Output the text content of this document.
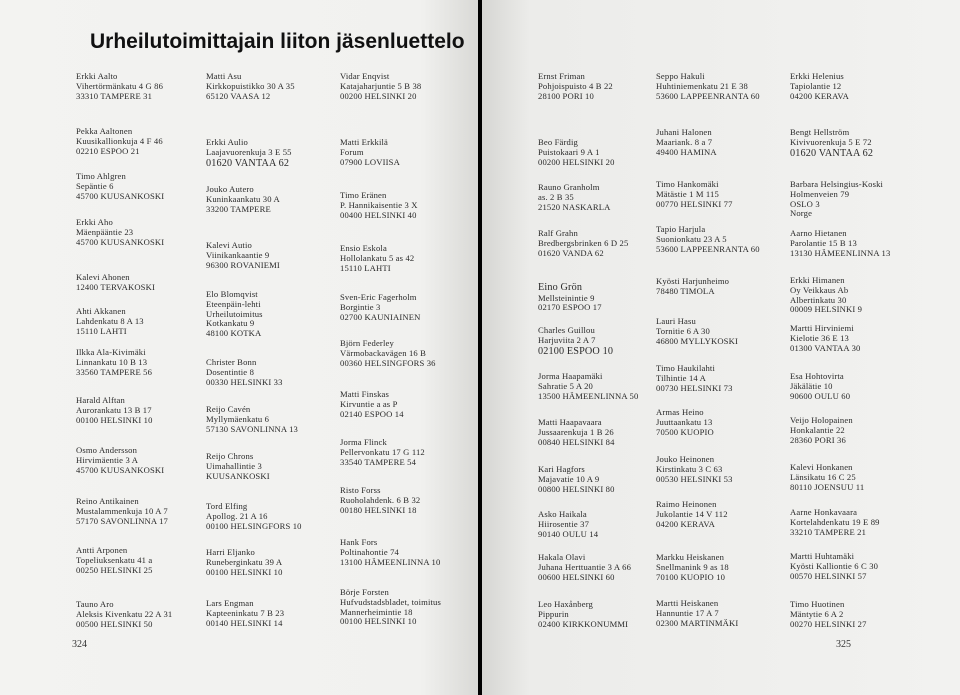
Urheilutoimittajain liiton jäsenluettelo
Erkki Aalto
Vihertörmänkatu 4 G 86
33310 TAMPERE 31
Pekka Aaltonen
Kuusikallionkuja 4 F 46
02210 ESPOO 21
Timo Ahlgren
Sepäntie 6
45700 KUUSANKOSKI
Erkki Aho
Mäenpääntie 23
45700 KUUSANKOSKI
Kalevi Ahonen
12400 TERVAKOSKI
Ahti Akkanen
Lahdenkatu 8 A 13
15110 LAHTI
Ilkka Ala-Kivimäki
Linnankatu 10 B 13
33560 TAMPERE 56
Harald Alftan
Aurorankatu 13 B 17
00100 HELSINKI 10
Osmo Andersson
Hirvimäentie 3 A
45700 KUUSANKOSKI
Reino Antikainen
Mustalammenkuja 10 A 7
57170 SAVONLINNA 17
Antti Arponen
Topeliuksenkatu 41 a
00250 HELSINKI 25
Tauno Aro
Aleksis Kivenkatu 22 A 31
00500 HELSINKI 50
Matti Asu
Kirkkopuistikko 30 A 35
65120 VAASA 12
Erkki Aulio
Laajavuorenkuja 3 E 55
01620 VANTAA 62
Jouko Autero
Kuninkaankatu 30 A
33200 TAMPERE
Kalevi Autio
Viinikankaantie 9
96300 ROVANIEMI
Elo Blomqvist
Eteenpäin-lehti
Urheilutoimitus
Kotkankatu 9
48100 KOTKA
Christer Bonn
Dosentintie 8
00330 HELSINKI 33
Reijo Cavén
Myllymäenkatu 6
57130 SAVONLINNA 13
Reijo Chrons
Uimahallintie 3
KUUSANKOSKI
Tord Elfing
Apollog. 21 A 16
00100 HELSINGFORS 10
Harri Eljanko
Runeberginkatu 39 A
00100 HELSINKI 10
Lars Engman
Kapteeninkatu 7 B 23
00140 HELSINKI 14
Vidar Enqvist
Katajaharjuntie 5 B 38
00200 HELSINKI 20
Matti Erkkilä
Forum
07900 LOVIISA
Timo Eränen
P. Hannikaisentie 3 X
00400 HELSINKI 40
Ensio Eskola
Hollolankatu 5 as 42
15110 LAHTI
Sven-Eric Fagerholm
Borgintie 3
02700 KAUNIAINEN
Björn Federley
Värmobackavägen 16 B
00360 HELSINGFORS 36
Matti Finskas
Kirvuntie a as P
02140 ESPOO 14
Jorma Flinck
Pellervonkatu 17 G 112
33540 TAMPERE 54
Risto Forss
Ruoholahdenk. 6 B 32
00180 HELSINKI 18
Hank Fors
Poltinahontie 74
13100 HÄMEENLINNA 10
Börje Forsten
Hufvudstadsbladet, toimitus
Mannerheimintie 18
00100 HELSINKI 10
324
Ernst Friman
Pohjoispuisto 4 B 22
28100 PORI 10
Beo Färdig
Puistokaari 9 A 1
00200 HELSINKI 20
Rauno Granholm
as. 2 B 35
21520 NASKARLA
Ralf Grahn
Bredbergsbrinken 6 D 25
01620 VANDA 62
Eino Grön
Mellsteinintie 9
02170 ESPOO 17
Charles Guillou
Harjuviita 2 A 7
02100 ESPOO 10
Jorma Haapamäki
Sahratie 5 A 20
13500 HÄMEENLINNA 50
Matti Haapavaara
Jussaarenkuja 1 B 26
00840 HELSINKI 84
Kari Hagfors
Majavatie 10 A 9
00800 HELSINKI 80
Asko Haikala
Hiirosentie 37
90140 OULU 14
Hakala Olavi
Juhana Herttuantie 3 A 66
00600 HELSINKI 60
Leo Haxånberg
Pippurin
02400 KIRKKONUMMI
Seppo Hakuli
Huhtiniemenkatu 21 E 38
53600 LAPPEENRANTA 60
Juhani Halonen
Maariank. 8 a 7
49400 HAMINA
Timo Hankomäki
Mätästie 1 M 115
00770 HELSINKI 77
Tapio Harjula
Suonionkatu 23 A 5
53600 LAPPEENRANTA 60
Kyösti Harjunheimo
78480 TIMOLA
Lauri Hasu
Tornitie 6 A 30
46800 MYLLYKOSKI
Timo Haukilahti
Tilhintie 14 A
00730 HELSINKI 73
Armas Heino
Juuttaankatu 13
70500 KUOPIO
Jouko Heinonen
Kirstinkatu 3 C 63
00530 HELSINKI 53
Raimo Heinonen
Jukolantie 14 V 112
04200 KERAVA
Markku Heiskanen
Snellmanink 9 as 18
70100 KUOPIO 10
Martti Heiskanen
Hannuntie 17 A 7
02300 MARTINMÄKI
Erkki Helenius
Tapiolantie 12
04200 KERAVA
Bengt Hellström
Kivivuorenkuja 5 E 72
01620 VANTAA 62
Barbara Helsingius-Koski
Holmenveien 79
OSLO 3
Norge
Aarno Hietanen
Parolantie 15 B 13
13130 HÄMEENLINNA 13
Erkki Himanen
Oy Veikkaus Ab
Albertinkatu 30
00009 HELSINKI 9
Martti Hirviniemi
Kielotie 36 E 13
01300 VANTAA 30
Esa Hohtovirta
Jäkälätie 10
90600 OULU 60
Veijo Holopainen
Honkalantie 22
28360 PORI 36
Kalevi Honkanen
Länsikatu 16 C 25
80110 JOENSUU 11
Aarne Honkavaara
Kortelahdenkatu 19 E 89
33210 TAMPERE 21
Martti Huhtamäki
Kyösti Kalliontie 6 C 30
00570 HELSINKI 57
Timo Huotinen
Mäntytie 6 A 2
00270 HELSINKI 27
325
